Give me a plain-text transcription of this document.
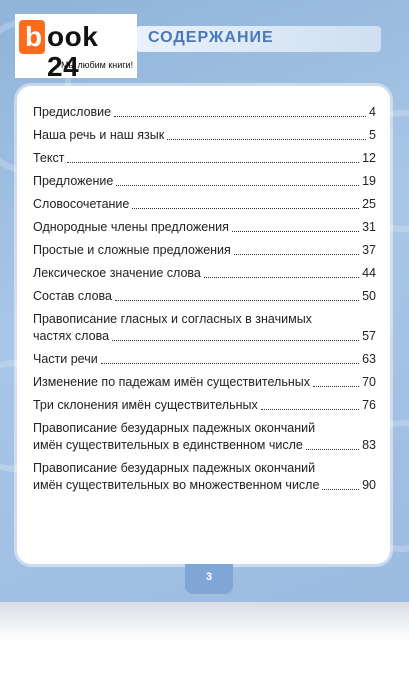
СОДЕРЖАНИЕ
Предисловие	4
Наша речь и наш язык	5
Текст	12
Предложение	19
Словосочетание	25
Однородные члены предложения	31
Простые и сложные предложения	37
Лексическое значение слова	44
Состав слова	50
Правописание гласных и согласных в значимых
частях слова	57
Части речи	63
Изменение по падежам имён существительных	70
Три склонения имён существительных	76
Правописание безударных падежных окончаний
имён существительных в единственном числе	83
Правописание безударных падежных окончаний
имён существительных во множественном числе	90
3
b ook 24
Мы любим книги!
